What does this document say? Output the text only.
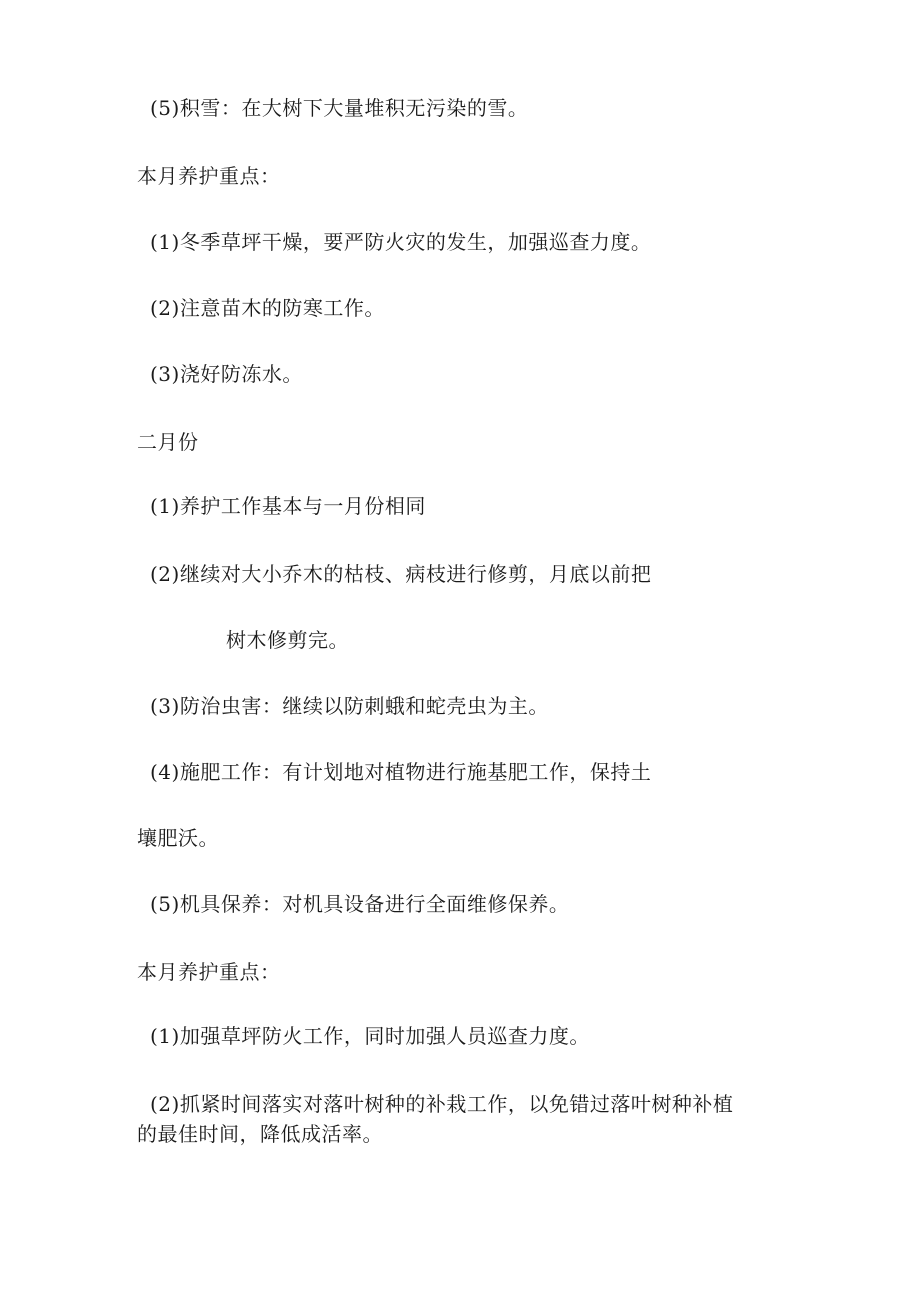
(5)积雪：在大树下大量堆积无污染的雪。
本月养护重点：
(1)冬季草坪干燥，要严防火灾的发生，加强巡查力度。
(2)注意苗木的防寒工作。
(3)浇好防冻水。
二月份
(1)养护工作基本与一月份相同
(2)继续对大小乔木的枯枝、病枝进行修剪，月底以前把
树木修剪完。
(3)防治虫害：继续以防刺蛾和蛇壳虫为主。
(4)施肥工作：有计划地对植物进行施基肥工作，保持土
壤肥沃。
(5)机具保养：对机具设备进行全面维修保养。
本月养护重点：
(1)加强草坪防火工作，同时加强人员巡查力度。
(2)抓紧时间落实对落叶树种的补栽工作，以免错过落叶树种补植
的最佳时间，降低成活率。
